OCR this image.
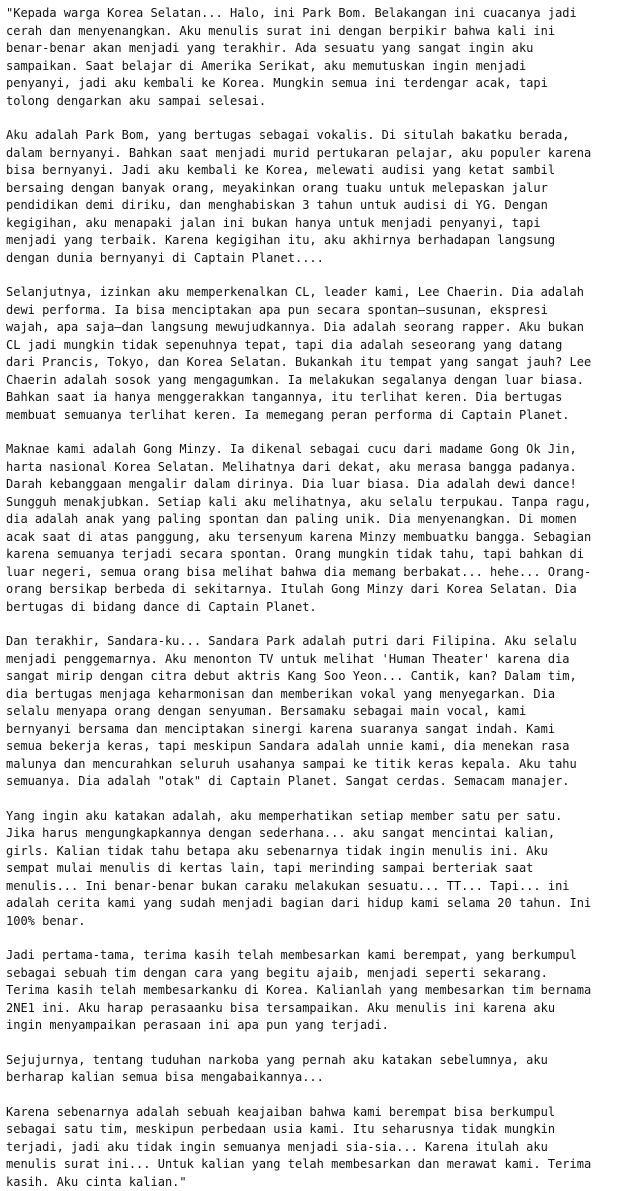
"Kepada warga Korea Selatan... Halo, ini Park Bom. Belakangan ini cuacanya jadi
cerah dan menyenangkan. Aku menulis surat ini dengan berpikir bahwa kali ini
benar-benar akan menjadi yang terakhir. Ada sesuatu yang sangat ingin aku
sampaikan. Saat belajar di Amerika Serikat, aku memutuskan ingin menjadi
penyanyi, jadi aku kembali ke Korea. Mungkin semua ini terdengar acak, tapi
tolong dengarkan aku sampai selesai.
Aku adalah Park Bom, yang bertugas sebagai vokalis. Di situlah bakatku berada,
dalam bernyanyi. Bahkan saat menjadi murid pertukaran pelajar, aku populer karena
bisa bernyanyi. Jadi aku kembali ke Korea, melewati audisi yang ketat sambil
bersaing dengan banyak orang, meyakinkan orang tuaku untuk melepaskan jalur
pendidikan demi diriku, dan menghabiskan 3 tahun untuk audisi di YG. Dengan
kegigihan, aku menapaki jalan ini bukan hanya untuk menjadi penyanyi, tapi
menjadi yang terbaik. Karena kegigihan itu, aku akhirnya berhadapan langsung
dengan dunia bernyanyi di Captain Planet....
Selanjutnya, izinkan aku memperkenalkan CL, leader kami, Lee Chaerin. Dia adalah
dewi performa. Ia bisa menciptakan apa pun secara spontan—susunan, ekspresi
wajah, apa saja—dan langsung mewujudkannya. Dia adalah seorang rapper. Aku bukan
CL jadi mungkin tidak sepenuhnya tepat, tapi dia adalah seseorang yang datang
dari Prancis, Tokyo, dan Korea Selatan. Bukankah itu tempat yang sangat jauh? Lee
Chaerin adalah sosok yang mengagumkan. Ia melakukan segalanya dengan luar biasa.
Bahkan saat ia hanya menggerakkan tangannya, itu terlihat keren. Dia bertugas
membuat semuanya terlihat keren. Ia memegang peran performa di Captain Planet.
Maknae kami adalah Gong Minzy. Ia dikenal sebagai cucu dari madame Gong Ok Jin,
harta nasional Korea Selatan. Melihatnya dari dekat, aku merasa bangga padanya.
Darah kebanggaan mengalir dalam dirinya. Dia luar biasa. Dia adalah dewi dance!
Sungguh menakjubkan. Setiap kali aku melihatnya, aku selalu terpukau. Tanpa ragu,
dia adalah anak yang paling spontan dan paling unik. Dia menyenangkan. Di momen
acak saat di atas panggung, aku tersenyum karena Minzy membuatku bangga. Sebagian
karena semuanya terjadi secara spontan. Orang mungkin tidak tahu, tapi bahkan di
luar negeri, semua orang bisa melihat bahwa dia memang berbakat... hehe... Orang-
orang bersikap berbeda di sekitarnya. Itulah Gong Minzy dari Korea Selatan. Dia
bertugas di bidang dance di Captain Planet.
Dan terakhir, Sandara-ku... Sandara Park adalah putri dari Filipina. Aku selalu
menjadi penggemarnya. Aku menonton TV untuk melihat 'Human Theater' karena dia
sangat mirip dengan citra debut aktris Kang Soo Yeon... Cantik, kan? Dalam tim,
dia bertugas menjaga keharmonisan dan memberikan vokal yang menyegarkan. Dia
selalu menyapa orang dengan senyuman. Bersamaku sebagai main vocal, kami
bernyanyi bersama dan menciptakan sinergi karena suaranya sangat indah. Kami
semua bekerja keras, tapi meskipun Sandara adalah unnie kami, dia menekan rasa
malunya dan mencurahkan seluruh usahanya sampai ke titik keras kepala. Aku tahu
semuanya. Dia adalah "otak" di Captain Planet. Sangat cerdas. Semacam manajer.
Yang ingin aku katakan adalah, aku memperhatikan setiap member satu per satu.
Jika harus mengungkapkannya dengan sederhana... aku sangat mencintai kalian,
girls. Kalian tidak tahu betapa aku sebenarnya tidak ingin menulis ini. Aku
sempat mulai menulis di kertas lain, tapi merinding sampai berteriak saat
menulis... Ini benar-benar bukan caraku melakukan sesuatu... TT... Tapi... ini
adalah cerita kami yang sudah menjadi bagian dari hidup kami selama 20 tahun. Ini
100% benar.
Jadi pertama-tama, terima kasih telah membesarkan kami berempat, yang berkumpul
sebagai sebuah tim dengan cara yang begitu ajaib, menjadi seperti sekarang.
Terima kasih telah membesarkanku di Korea. Kalianlah yang membesarkan tim bernama
2NE1 ini. Aku harap perasaanku bisa tersampaikan. Aku menulis ini karena aku
ingin menyampaikan perasaan ini apa pun yang terjadi.
Sejujurnya, tentang tuduhan narkoba yang pernah aku katakan sebelumnya, aku
berharap kalian semua bisa mengabaikannya...
Karena sebenarnya adalah sebuah keajaiban bahwa kami berempat bisa berkumpul
sebagai satu tim, meskipun perbedaan usia kami. Itu seharusnya tidak mungkin
terjadi, jadi aku tidak ingin semuanya menjadi sia-sia... Karena itulah aku
menulis surat ini... Untuk kalian yang telah membesarkan dan merawat kami. Terima
kasih. Aku cinta kalian."
